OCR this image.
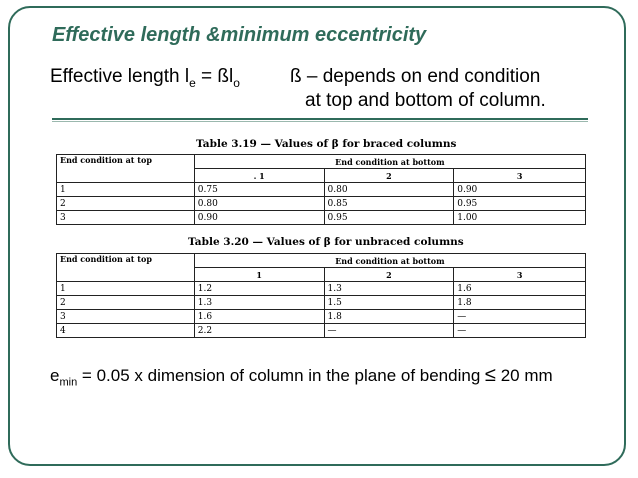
Effective length &minimum eccentricity
Effective length $l_e$ = $ßl_o$	ß – depends on end condition
at top and bottom of column.
Table 3.19 — Values of β for braced columns
End condition at top	End condition at bottom		
	. 1	2	3
1	0.75	0.80	0.90
2	0.80	0.85	0.95
3	0.90	0.95	1.00
Table 3.20 — Values of β for unbraced columns
End condition at top	End condition at bottom		
	1	2	3
1	1.2	1.3	1.6
2	1.3	1.5	1.8
3	1.6	1.8	—
4	2.2	—	—
$e_{min} = 0.05$ x dimension of column in the plane of bending ≤ 20 mm
